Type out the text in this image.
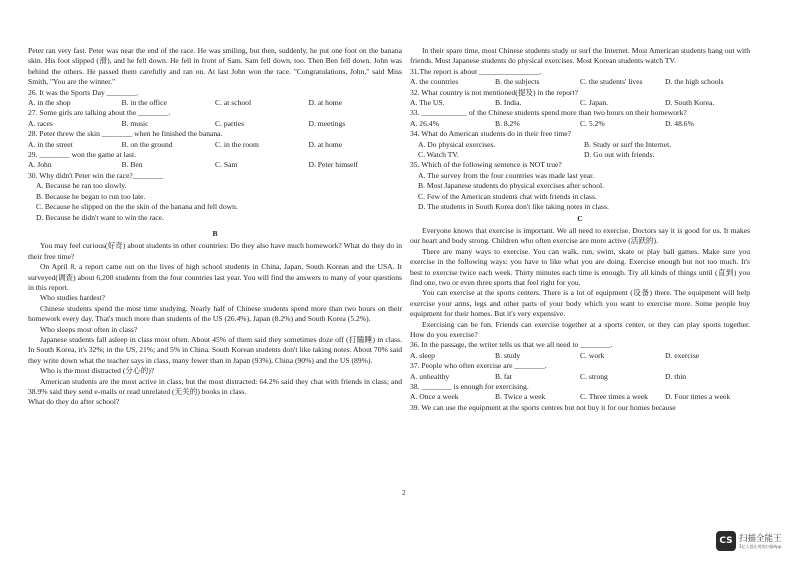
Peter ran very fast. Peter was near the end of the race. He was smiling, but then, suddenly, he put one foot on the banana skin. His foot slipped (滑), and he fell down. He fell in front of Sam. Sam fell down, too. Then Ben fell down. John was behind the others. He passed them carefully and ran on. At last John won the race. "Congratulations, John," said Miss Smith, "You are the winner."

26. It was the Sports Day ________.

A. in the shop	B. in the office	C. at school	D. at home

27. Some girls are talking about the ________.

A. races	B. music	C. parties	D. meetings

28. Peter threw the skin ________ when he finished the banana.

A. in the street	B. on the ground	C. in the room	D. at home

29. ________ won the game at last.

A. John	B. Ben	C. Sam	D. Peter himself

30. Why didn't Peter win the race?________

A. Because he ran too slowly.
B. Because he began to run too late.
C. Because he slipped on the the skin of the banana and fell down.
D. Because he didn't want to win the race.

B

You may feel curious(好奇) about students in other countries: Do they also have much homework? What do they do in their free time?

On April 8, a report came out on the lives of high school students in China, Japan, South Korean and the USA. It surveyed(调查) about 6,200 students from the four countries last year. You will find the answers to many of your questions in this report.

Who studies hardest?

Chinese students spend the most time studying. Nearly half of Chinese students spend more than two hours on their homework every day. That's much more than students of the US (26.4%), Japan (8.2%) and South Korea (5.2%).

Who sleeps most often in class?

Japanese students fall asleep in class most often. About 45% of them said they sometimes doze off (打瞌睡) in class. In South Korea, it's 32%; in the US, 21%; and 5% in China. South Korean students don't like taking notes. About 70% said they write down what the teacher says in class, many fewer than in Japan (93%), China (90%) and the US (89%).

Who is the most distracted (分心的)?

American students are the most active in class, but the most distracted: 64.2% said they chat with friends in class; and 38.9% said they send e-mails or read unrelated (无关的) books in class.

What do they do after school?

In their spare time, most Chinese students study or surf the Internet. Most American students hang out with friends. Most Japanese students do physical exercises. Most Korean students watch TV.

31.The report is about ________________.

A. the countries	B. the subjects	C. the students' lives	D. the high schools

32. What country is not mentioned(提及) in the report?

A. The US.	B. India.	C. Japan.	D. South Korea.

33. ____________ of the Chinese students spend more than two hours on their homework?

A. 26.4%	B. 8.2%	C. 5.2%	D. 48.6%

34. What do American students do in their free time?

A. Do physical exercises.	B. Study or surf the Internet.
C. Watch TV.	D. Go out with friends.

35. Which of the following sentence is NOT true?

A. The survey from the four countries was made last year.
B. Most Japanese students do physical exercises after school.
C. Few of the American students chat with friends in class.
D. The students in South Korea don't like taking notes in class.

C

Everyone knows that exercise is important. We all need to exercise. Doctors say it is good for us. It makes our heart and body strong. Children who often exercise are more active (活跃的).

There are many ways to exercise. You can walk, run, swim, skate or play ball games. Make sure you exercise in the following ways: you have to like what you are doing. Exercise enough but not too much. It's best to exercise twice each week. Thirty minutes each time is enough. Try all kinds of things until (直到) you find one, two or even three sports that feel right for you.

You can exercise at the sports centers. There is a lot of equipment (设备) there. The equipment will help exercise your arms, legs and other parts of your body which you want to exercise more. Some people buy equipment for their homes. But it's very expensive.

Exercising can be fun. Friends can exercise together at a sports center, or they can play sports together. How do you exercise?

36. In the passage, the writer tells us that we all need to ________.

A. sleep	B. study	C. work	D. exercise

37. People who often exercise are ________.

A. unhealthy	B. fat	C. strong	D. thin

38. ________ is enough for exercising.

A. Once a week	B. Twice a week	C. Three times a week	D. Four times a week

39. We can use the equipment at the sports centres but not buy it for our homes because

2
CS 扫描全能王
3亿人都在用的扫描App
